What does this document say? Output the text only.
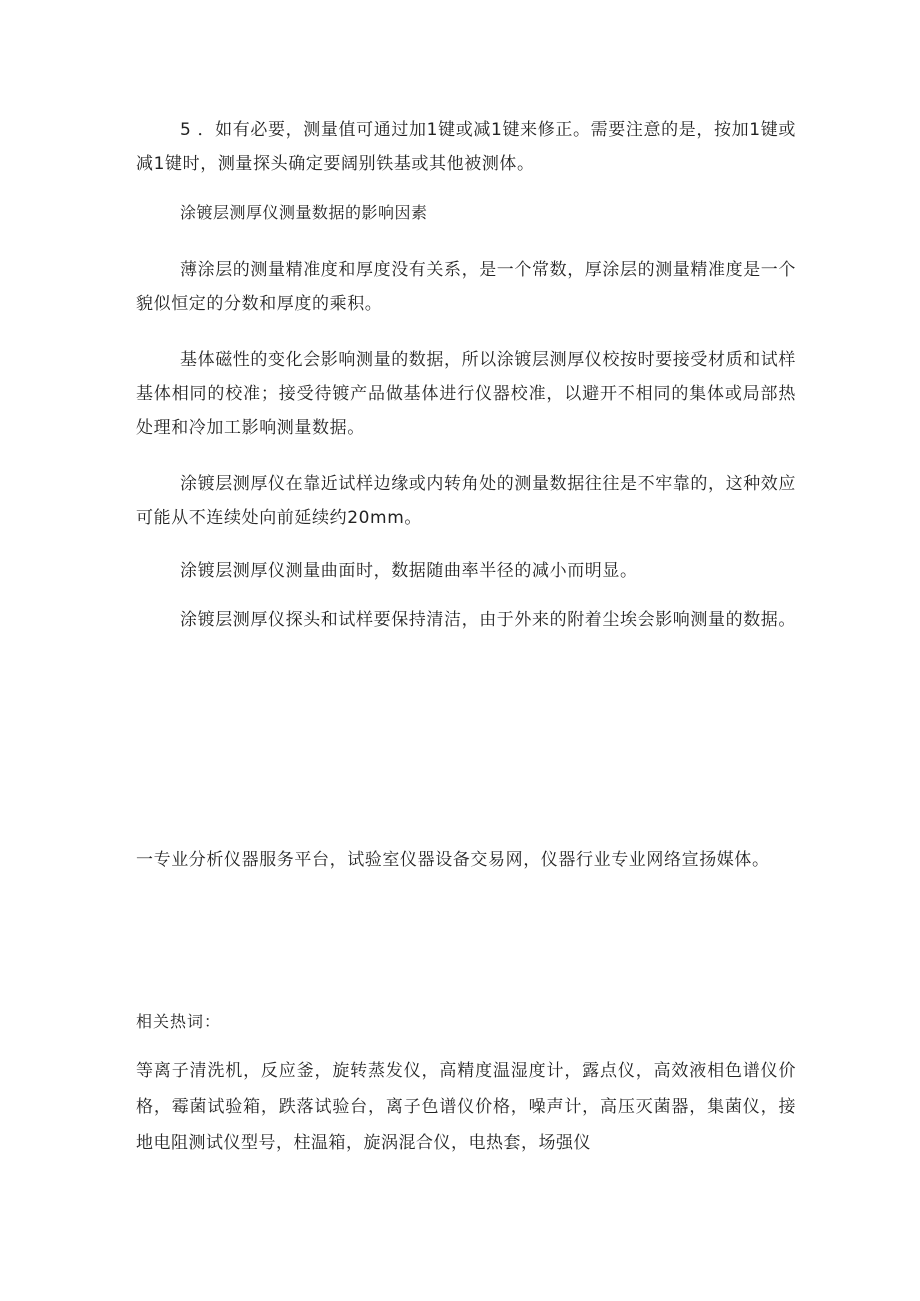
5 ．如有必要，测量值可通过加1键或减1键来修正。需要注意的是，按加1键或减1键时，测量探头确定要阔别铁基或其他被测体。

涂镀层测厚仪测量数据的影响因素

薄涂层的测量精准度和厚度没有关系，是一个常数，厚涂层的测量精准度是一个貌似恒定的分数和厚度的乘积。

基体磁性的变化会影响测量的数据，所以涂镀层测厚仪校按时要接受材质和试样基体相同的校准；接受待镀产品做基体进行仪器校准，以避开不相同的集体或局部热处理和冷加工影响测量数据。

涂镀层测厚仪在靠近试样边缘或内转角处的测量数据往往是不牢靠的，这种效应可能从不连续处向前延续约20mm。

涂镀层测厚仪测量曲面时，数据随曲率半径的减小而明显。

涂镀层测厚仪探头和试样要保持清洁，由于外来的附着尘埃会影响测量的数据。

一专业分析仪器服务平台，试验室仪器设备交易网，仪器行业专业网络宣扬媒体。

相关热词：

等离子清洗机，反应釜，旋转蒸发仪，高精度温湿度计，露点仪，高效液相色谱仪价格，霉菌试验箱，跌落试验台，离子色谱仪价格，噪声计，高压灭菌器，集菌仪，接地电阻测试仪型号，柱温箱，旋涡混合仪，电热套，场强仪
